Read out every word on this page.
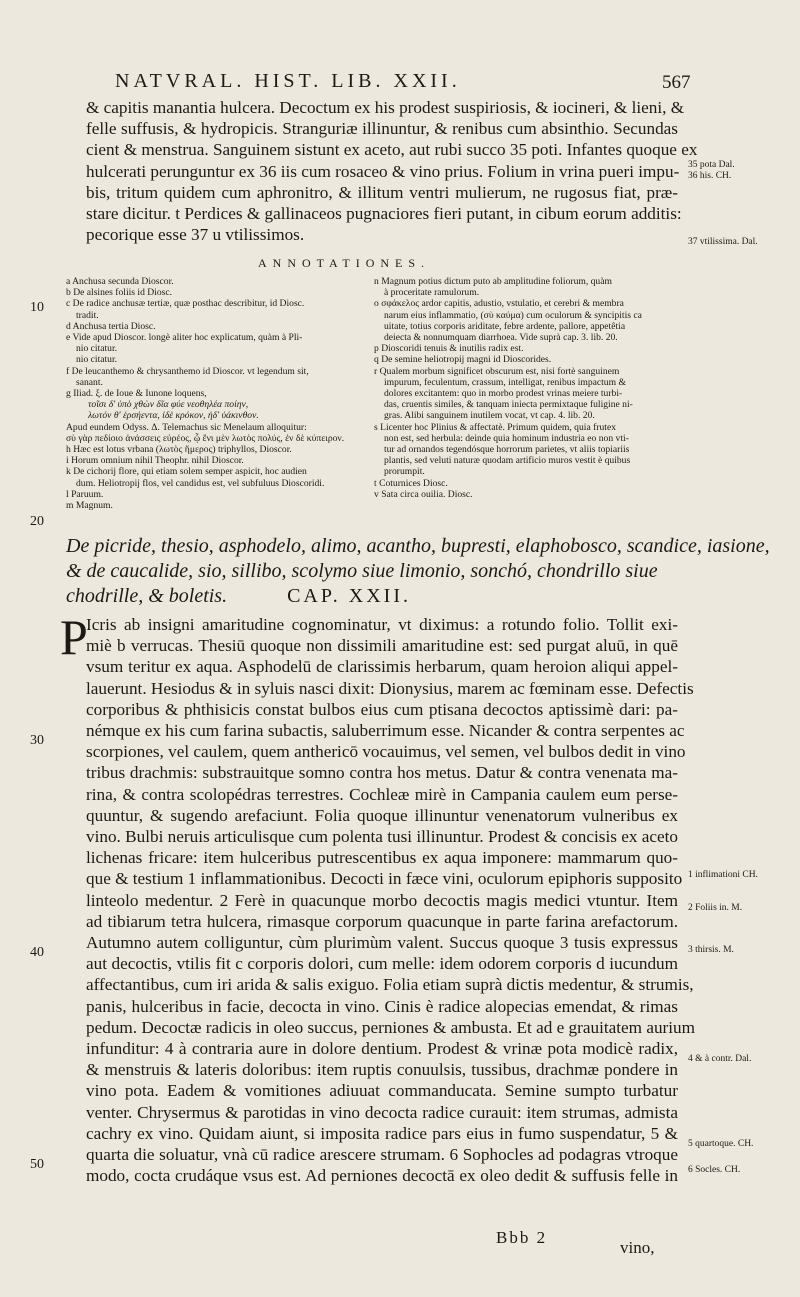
NATVRAL. HIST. LIB. XXII.	567
& capitis manantia hulcera. Decoctum ex his prodest suspiriosis, & iocineri, & lieni, &
felle suffusis, & hydropicis. Stranguriæ illinuntur, & renibus cum absinthio. Secundas
cient & menstrua. Sanguinem sistunt ex aceto, aut rubi succo 35 poti. Infantes quoque ex
hulcerati perunguntur ex 36 iis cum rosaceo & vino prius. Folium in vrina pueri impu-
bis, tritum quidem cum aphronitro, & illitum ventri mulierum, ne rugosus fiat, præ-
stare dicitur. t Perdices & gallinaceos pugnaciores fieri putant, in cibum eorum additis:
pecorique esse 37 u vtilissimos.
ANNOTATIONES.
a Anchusa secunda Dioscor.
b De alsines foliis id Diosc.
c De radice anchusæ tertiæ, quæ posthac describitur, id Diosc.
tradit.
d Anchusa tertia Diosc.
e Vide apud Dioscor. longè aliter hoc explicatum, quàm à Pli-
nio citatur.
nio citatur.
f De leucanthemo & chrysanthemo id Dioscor. vt legendum sit,
sanant.
g Iliad. ξ. de Ioue & Iunone loquens,
τοῖσι δ' ὑπὸ χθὼν δῖα φύε νεοθηλέα ποίην,
λωτόν θ' ἑρσήεντα, ἰδὲ κρόκον, ἠδ' ὑάκινθον.
Apud eundem Odyss. Δ. Telemachus sic Menelaum alloquitur:
σὺ γὰρ πεδίοιο ἀνάσσεις εὐρέος, ᾧ ἔνι μὲν λωτὸς πολύς, ἐν δὲ κύπειρον.
h Hæc est lotus vrbana (λωτὸς ἥμερος) triphyllos, Dioscor.
i Horum omnium nihil Theophr. nihil Dioscor.
k De cichorij flore, qui etiam solem semper aspicit, hoc audien
dum. Heliotropij flos, vel candidus est, vel subfuluus Dioscoridi.
l Paruum.
m Magnum.
n Magnum potius dictum puto ab amplitudine foliorum, quàm
à proceritate ramulorum.
o σφάκελος ardor capitis, adustio, vstulatio, et cerebri & membra
narum eius inflammatio, (σὺ καύμα) cum oculorum & syncipitis ca
uitate, totius corporis ariditate, febre ardente, pallore, appetêtia
deiecta & nonnumquam diarrhoea. Vide suprà cap. 3. lib. 20.
p Dioscoridi tenuis & inutilis radix est.
q De semine heliotropij magni id Dioscorides.
r Qualem morbum significet obscurum est, nisi fortè sanguinem
impurum, feculentum, crassum, intelligat, renibus impactum &
dolores excitantem: quo in morbo prodest vrinas meiere turbi-
das, cruentis similes, & tanquam iniecta permixtaque fuligine ni-
gras. Alibi sanguinem inutilem vocat, vt cap. 4. lib. 20.
s Licenter hoc Plinius & affectatè. Primum quidem, quia frutex
non est, sed herbula: deinde quia hominum industria eo non vti-
tur ad ornandos tegendósque horrorum parietes, vt aliis topiariis
plantis, sed veluti naturæ quodam artificio muros vestit è quibus
prorumpit.
t Coturnices Diosc.
v Sata circa ouilia. Diosc.
De picride, thesio, asphodelo, alimo, acantho, bupresti, elaphobosco, scandice, iasione,
& de caucalide, sio, sillibo, scolymo siue limonio, sonchó, chondrillo siue
chodrille, & boletis.	CAP. XXII.
P
Icris ab insigni amaritudine cognominatur, vt diximus: a rotundo folio. Tollit exi-
miè b verrucas. Thesiū quoque non dissimili amaritudine est: sed purgat aluū, in quē
vsum teritur ex aqua. Asphodelū de clarissimis herbarum, quam heroion aliqui appel-
lauerunt. Hesiodus & in syluis nasci dixit: Dionysius, marem ac fœminam esse. Defectis
corporibus & phthisicis constat bulbos eius cum ptisana decoctos aptissimè dari: pa-
némque ex his cum farina subactis, saluberrimum esse. Nicander & contra serpentes ac
scorpiones, vel caulem, quem anthericō vocauimus, vel semen, vel bulbos dedit in vino
tribus drachmis: substrauitque somno contra hos metus. Datur & contra venenata ma-
rina, & contra scolopédras terrestres. Cochleæ mirè in Campania caulem eum perse-
quuntur, & sugendo arefaciunt. Folia quoque illinuntur venenatorum vulneribus ex
vino. Bulbi neruis articulisque cum polenta tusi illinuntur. Prodest & concisis ex aceto
lichenas fricare: item hulceribus putrescentibus ex aqua imponere: mammarum quo-
que & testium 1 inflammationibus. Decocti in fæce vini, oculorum epiphoris supposito
linteolo medentur. 2 Ferè in quacunque morbo decoctis magis medici vtuntur. Item
ad tibiarum tetra hulcera, rimasque corporum quacunque in parte farina arefactorum.
Autumno autem colliguntur, cùm plurimùm valent. Succus quoque 3 tusis expressus
aut decoctis, vtilis fit c corporis dolori, cum melle: idem odorem corporis d iucundum
affectantibus, cum iri arida & salis exiguo. Folia etiam suprà dictis medentur, & strumis,
panis, hulceribus in facie, decocta in vino. Cinis è radice alopecias emendat, & rimas
pedum. Decoctæ radicis in oleo succus, perniones & ambusta. Et ad e grauitatem aurium
infunditur: 4 à contraria aure in dolore dentium. Prodest & vrinæ pota modicè radix,
& menstruis & lateris doloribus: item ruptis conuulsis, tussibus, drachmæ pondere in
vino pota. Eadem & vomitiones adiuuat commanducata. Semine sumpto turbatur
venter. Chrysermus & parotidas in vino decocta radice curauit: item strumas, admista
cachry ex vino. Quidam aiunt, si imposita radice pars eius in fumo suspendatur, 5 &
quarta die soluatur, vnà cū radice arescere strumam. 6 Sophocles ad podagras vtroque
modo, cocta crudáque vsus est. Ad perniones decoctā ex oleo dedit & suffusis felle in
10
20
30
40
50
35 pota Dal.
36 his. CH.
37 vtilissima. Dal.
1 inflimationi CH.
2 Foliis in. M.
3 thirsis. M.
4 & à contr. Dal.
5 quartoque. CH.
6 Socles. CH.
Bbb 2
vino,
